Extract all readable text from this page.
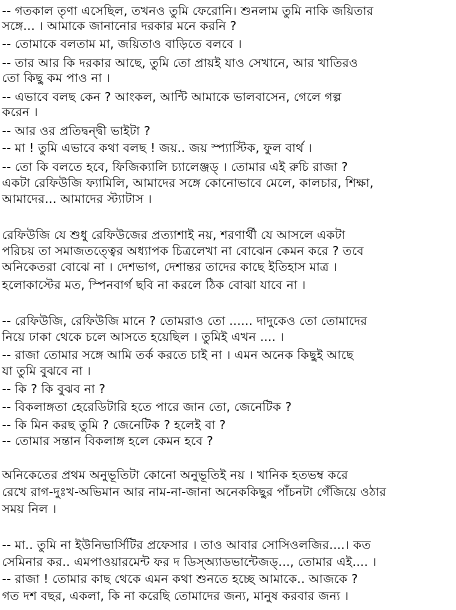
-- গতকাল তৃণা এসেছিল, তখনও তুমি ফেরোনি। শুনলাম তুমি নাকি জয়িতার
সঙ্গে... । আমাকে জানানোর দরকার মনে করনি ?
-- তোমাকে বলতাম মা, জয়িতাও বাড়িতে বলবে ।
-- তার আর কি দরকার আছে, তুমি তো প্রায়ই যাও সেখানে, আর খাতিরও
তো কিছু কম পাও না ।
-- এভাবে বলছ কেন ? আংকল, আন্টি আমাকে ভালবাসেন, গেলে গল্প
করেন ।
-- আর ওর প্রতিদ্বন্দ্বী ভাইটা ?
-- মা ! তুমি এভাবে কথা বলছ ! জয়.. জয় স্প্যাস্টিক, ফুল বার্থ ।
-- তো কি বলতে হবে, ফিজিক্যালি চ্যালেঞ্জড্ । তোমার এই রুচি রাজা ?
একটা রেফিউজি ফ্যামিলি, আমাদের সঙ্গে কোনোভাবে মেলে, কালচার, শিক্ষা,
আমাদের... আমাদের স্ট্যাটাস ।
রেফিউজি যে শুধু রেফিউজের প্রত্যাশাই নয়, শরণার্থী যে আসলে একটা
পরিচয় তা সমাজতত্ত্বের অধ্যাপক চিত্রলেখা না বোঝেন কেমন করে ? তবে
অনিকেতরা বোঝে না । দেশভাগ, দেশান্তর তাদের কাছে ইতিহাস মাত্র ।
হলোকাস্টের মত, স্পিনবার্গ ছবি না করলে ঠিক বোঝা যাবে না ।
-- রেফিউজি, রেফিউজি মানে ? তোমরাও তো ...... দাদুকেও তো তোমাদের
নিয়ে ঢাকা থেকে চলে আসতে হয়েছিল । তুমিই এখন .... ।
-- রাজা তোমার সঙ্গে আমি তর্ক করতে চাই না । এমন অনেক কিছুই আছে
যা তুমি বুঝবে না ।
-- কি ? কি বুঝব না ?
-- বিকলাঙ্গতা হেরেডিটারি হতে পারে জান তো, জেনেটিক ?
-- কি মিন করছ তুমি ? জেনেটিক ? হলেই বা ?
-- তোমার সন্তান বিকলাঙ্গ হলে কেমন হবে ?
অনিকেতের প্রথম অনুভূতিটা কোনো অনুভূতিই নয় । খানিক হতভম্ব করে
রেখে রাগ-দুঃখ-অভিমান আর নাম-না-জানা অনেককিছুর পাঁচনটা গেঁজিয়ে ওঠার
সময় নিল ।
-- মা.. তুমি না ইউনিভার্সিটির প্রফেসার । তাও আবার সোসিওলজির....। কত
সেমিনার কর.. এমপাওয়ারমেন্ট ফর দ ডিস্অ্যাডভান্টেজড্..., তোমার এই.... ।
-- রাজা ! তোমার কাছ থেকে এমন কথা শুনতে হচ্ছে আমাকে.. আজকে ?
গত দশ বছর, একলা, কি না করেছি তোমাদের জন্য, মানুষ করবার জন্য ।
